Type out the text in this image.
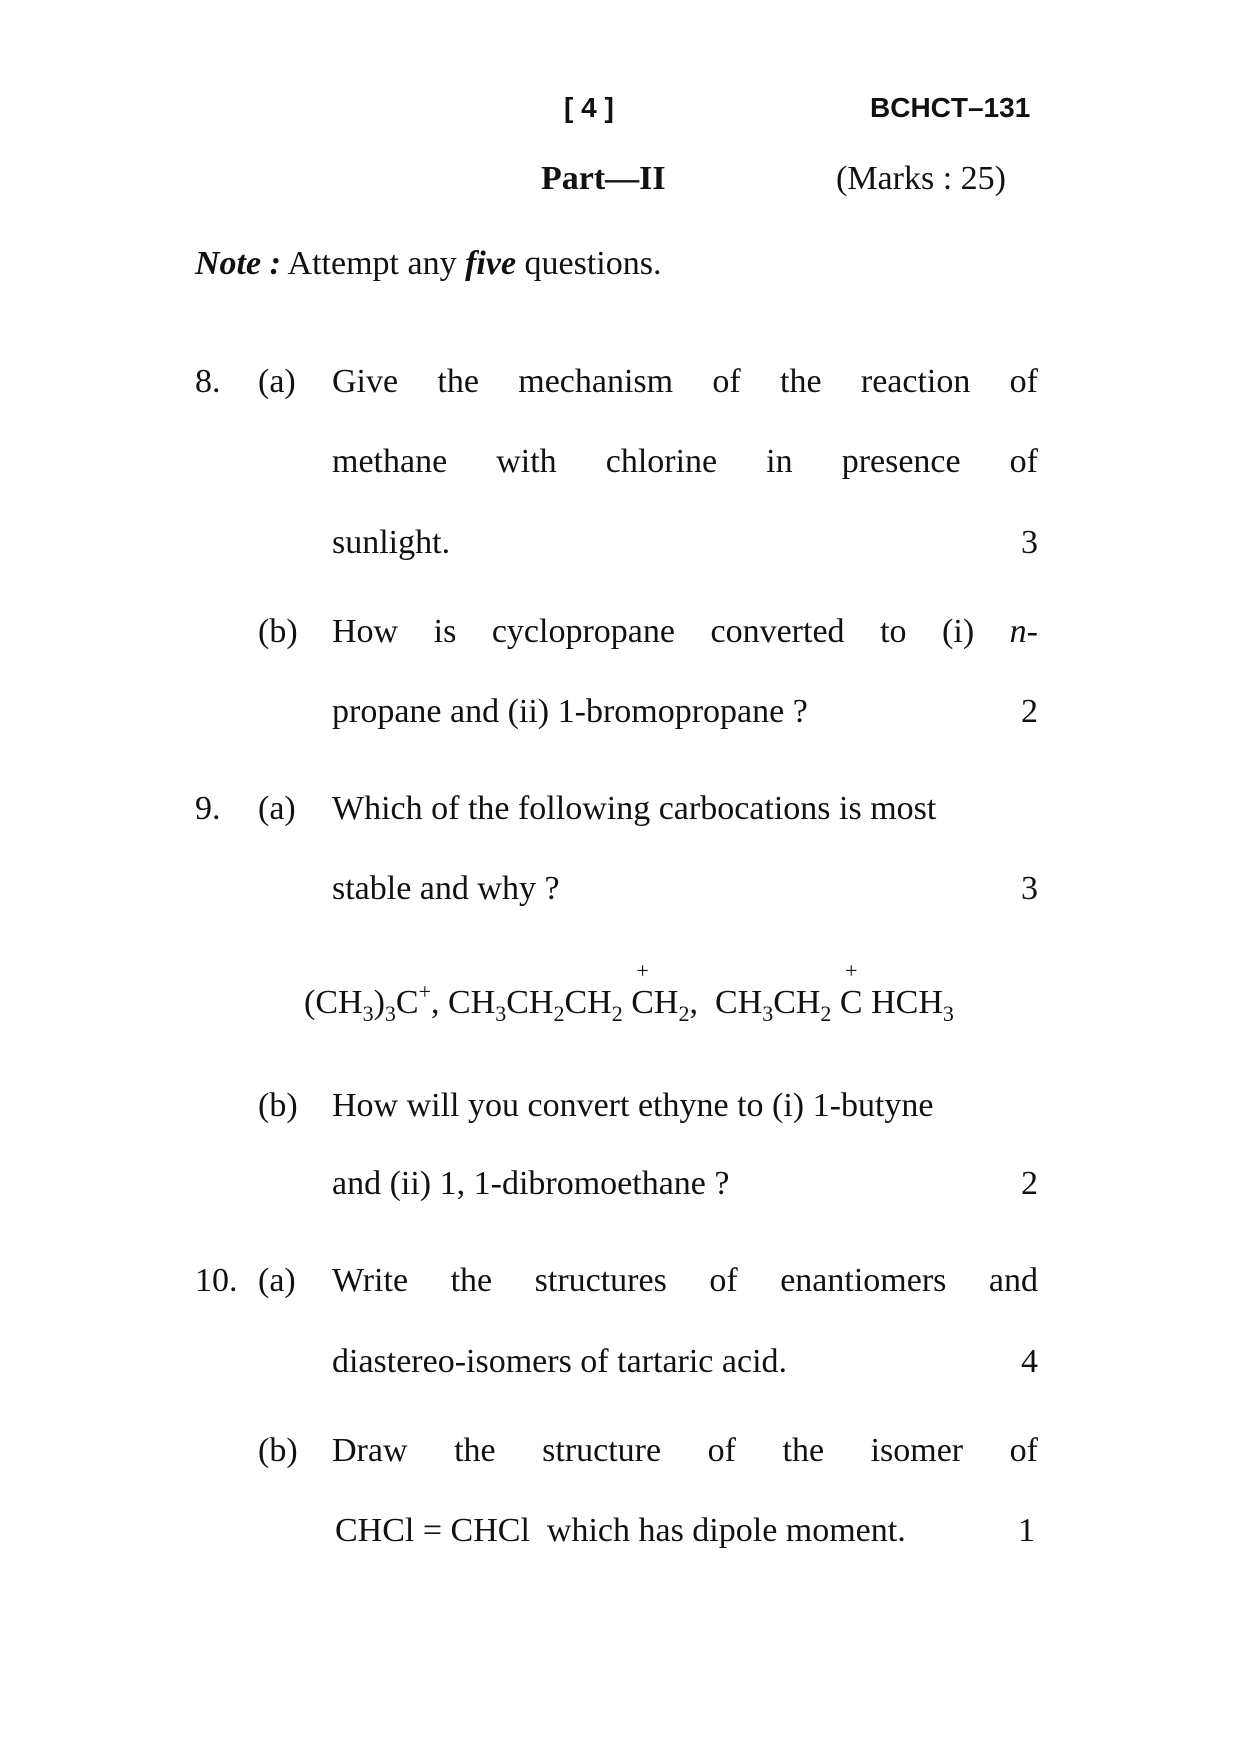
[ 4 ]	BCHCT–131
Part—II	(Marks : 25)
Note : Attempt any five questions.
8. (a) Give the mechanism of the reaction of
methane with chlorine in presence of
sunlight.	3
(b) How is cyclopropane converted to (i) n-
propane and (ii) 1-bromopropane ?	2
9. (a) Which of the following carbocations is most
stable and why ?	3
$(CH_3)_3C^+$, $CH_3CH_2CH_2 + CH_2$,  $CH_3CH_2 + C$ $HCH_3$
(b) How will you convert ethyne to (i) 1-butyne
and (ii) 1, 1-dibromoethane ?	2
10. (a) Write the structures of enantiomers and
diastereo-isomers of tartaric acid.	4
(b) Draw the structure of the isomer of
CHCl = CHCl which has dipole moment.	1
